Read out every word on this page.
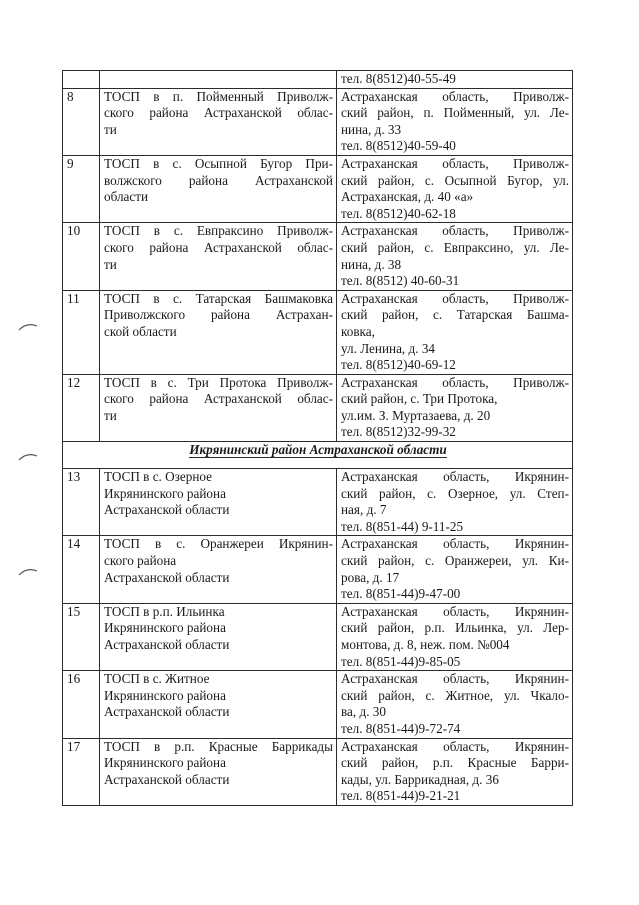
		тел. 8(8512)40-55-49

8	ТОСП в п. Пойменный Приволж-
ского района Астраханской облас-
ти	Астраханская область, Приволж-
ский район, п. Пойменный, ул. Ле-
нина, д. 33
тел. 8(8512)40-59-40

9	ТОСП в с. Осыпной Бугор При-
волжского района Астраханской
области	Астраханская область, Приволж-
ский район, с. Осыпной Бугор, ул.
Астраханская, д. 40 «а»
тел. 8(8512)40-62-18

10	ТОСП в с. Евпраксино Приволж-
ского района Астраханской облас-
ти	Астраханская область, Приволж-
ский район, с. Евпраксино, ул. Ле-
нина, д. 38
тел. 8(8512) 40-60-31

11	ТОСП в с. Татарская Башмаковка
Приволжского района Астрахан-
ской области	Астраханская область, Приволж-
ский район, с. Татарская Башма-
ковка,
ул. Ленина, д. 34
тел. 8(8512)40-69-12

12	ТОСП в с. Три Протока Приволж-
ского района Астраханской облас-
ти	Астраханская область, Приволж-
ский район, с. Три Протока,
ул.им. З. Муртазаева, д. 20
тел. 8(8512)32-99-32

Икрянинский район Астраханской области		
13	ТОСП в с. Озерное
Икрянинского района
Астраханской области	Астраханская область, Икрянин-
ский район, с. Озерное, ул. Степ-
ная, д. 7
тел. 8(851-44) 9-11-25

14	ТОСП в с. Оранжереи Икрянин-
ского района
Астраханской области	Астраханская область, Икрянин-
ский район, с. Оранжереи, ул. Ки-
рова, д. 17
тел. 8(851-44)9-47-00

15	ТОСП в р.п. Ильинка
Икрянинского района
Астраханской области	Астраханская область, Икрянин-
ский район, р.п. Ильинка, ул. Лер-
монтова, д. 8, неж. пом. №004
тел. 8(851-44)9-85-05

16	ТОСП в с. Житное
Икрянинского района
Астраханской области	Астраханская область, Икрянин-
ский район, с. Житное, ул. Чкало-
ва, д. 30
тел. 8(851-44)9-72-74

17	ТОСП в р.п. Красные Баррикады
Икрянинского района
Астраханской области	Астраханская область, Икрянин-
ский район, р.п. Красные Барри-
кады, ул. Баррикадная, д. 36
тел. 8(851-44)9-21-21
